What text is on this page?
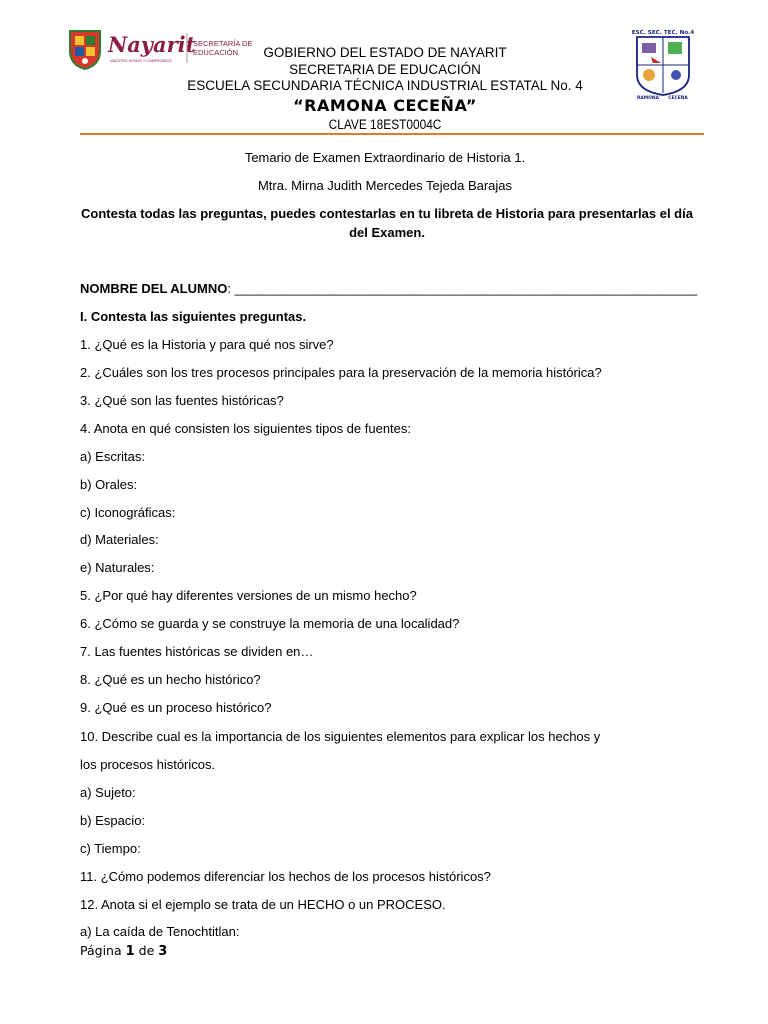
Nayarit
NUESTRO HONOR Y COMPROMISO
SECRETARÍA DE
EDUCACIÓN	GOBIERNO DEL ESTADO DE NAYARIT
SECRETARIA DE EDUCACIÓN
ESCUELA SECUNDARIA TÉCNICA INDUSTRIAL ESTATAL No. 4
“RAMONA CECEÑA”
CLAVE 18EST0004C
ESC. SEC. TEC. No.4
RAMONA CECEÑA
Temario de Examen Extraordinario de Historia 1.
Mtra. Mirna Judith Mercedes Tejeda Barajas
Contesta todas las preguntas, puedes contestarlas en tu libreta de Historia para presentarlas el día del Examen.
NOMBRE DEL ALUMNO: ________________________________________________________________
I. Contesta las siguientes preguntas.
1. ¿Qué es la Historia y para qué nos sirve?
2. ¿Cuáles son los tres procesos principales para la preservación de la memoria histórica?
3. ¿Qué son las fuentes históricas?
4. Anota en qué consisten los siguientes tipos de fuentes:
a) Escritas:
b) Orales:
c) Iconográficas:
d) Materiales:
e) Naturales:
5. ¿Por qué hay diferentes versiones de un mismo hecho?
6. ¿Cómo se guarda y se construye la memoria de una localidad?
7. Las fuentes históricas se dividen en…
8. ¿Qué es un hecho histórico?
9. ¿Qué es un proceso histórico?
10. Describe cual es la importancia de los siguientes elementos para explicar los hechos y
los procesos históricos.
a) Sujeto:
b) Espacio:
c) Tiempo:
11. ¿Cómo podemos diferenciar los hechos de los procesos históricos?
12. Anota si el ejemplo se trata de un HECHO o un PROCESO.
a) La caída de Tenochtitlan:
Página 1 de 3
